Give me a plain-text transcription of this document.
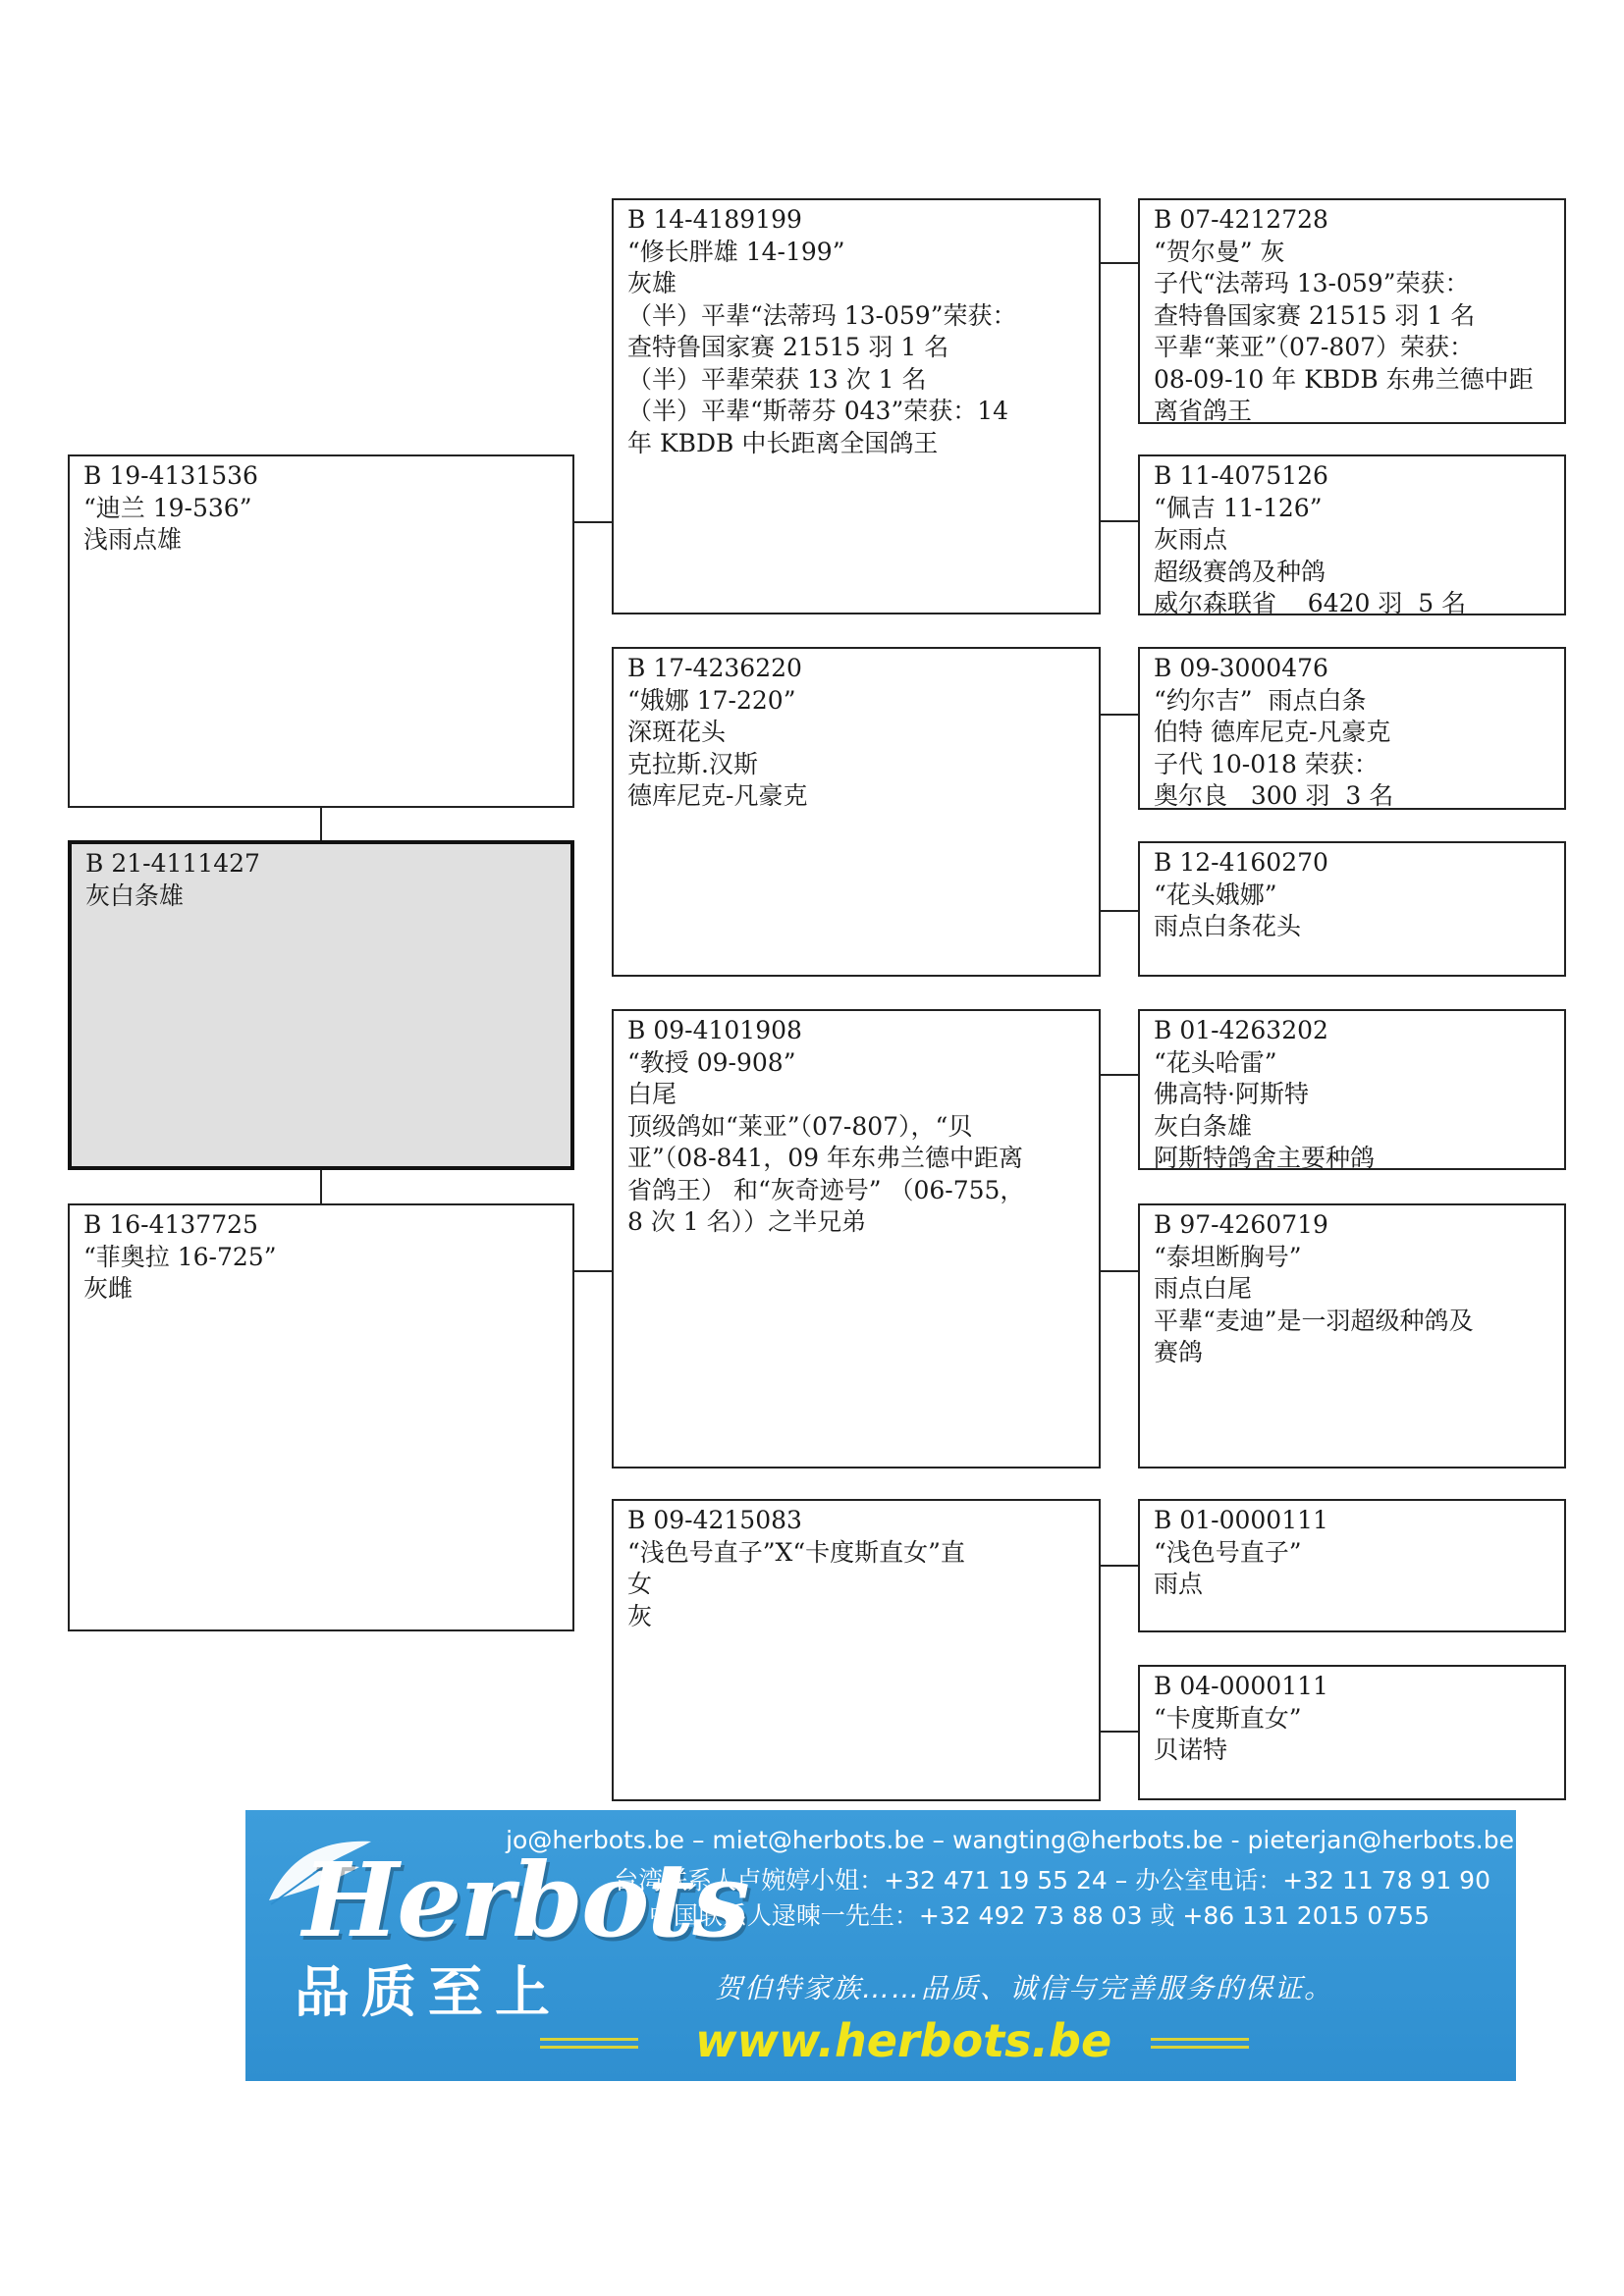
B 19-4131536
“迪兰 19-536”
浅雨点雄
B 21-4111427
灰白条雄
B 16-4137725
“菲奥拉 16-725”
灰雌
B 14-4189199
“修长胖雄 14-199”
灰雄
（半）平辈“法蒂玛 13-059”荣获：
查特鲁国家赛 21515 羽 1 名
（半）平辈荣获 13 次 1 名
（半）平辈“斯蒂芬 043”荣获：14
年 KBDB 中长距离全国鸽王
B 17-4236220
“娥娜 17-220”
深斑花头
克拉斯.汉斯
德库尼克-凡豪克
B 09-4101908
“教授 09-908”
白尾
顶级鸽如“莱亚”（07-807），“贝
亚”（08-841，09 年东弗兰德中距离
省鸽王） 和“灰奇迹号” （06-755，
8 次 1 名））之半兄弟
B 09-4215083
“浅色号直子”X“卡度斯直女”直
女
灰
B 07-4212728
“贺尔曼” 灰
子代“法蒂玛 13-059”荣获：
查特鲁国家赛 21515 羽 1 名
平辈“莱亚”（07-807）荣获：
08-09-10 年 KBDB 东弗兰德中距
离省鸽王
B 11-4075126
“佩吉 11-126”
灰雨点
超级赛鸽及种鸽
威尔森联省    6420 羽  5 名
B 09-3000476
“约尔吉”  雨点白条
伯特 德库尼克-凡豪克
子代 10-018 荣获：
奥尔良   300 羽  3 名
B 12-4160270
“花头娥娜”
雨点白条花头
B 01-4263202
“花头哈雷”
佛高特·阿斯特
灰白条雄
阿斯特鸽舍主要种鸽
B 97-4260719
“泰坦断胸号”
雨点白尾
平辈“麦迪”是一羽超级种鸽及
赛鸽
B 01-0000111
“浅色号直子”
雨点
B 04-0000111
“卡度斯直女”
贝诺特
Herbots
品质至上
jo@herbots.be – miet@herbots.be – wangting@herbots.be - pieterjan@herbots.be
台湾联系人卢婉婷小姐：+32 471 19 55 24 – 办公室电话：+32 11 78 91 90
中国联系人逯暕一先生：+32 492 73 88 03 或 +86 131 2015 0755
贺伯特家族……品质、诚信与完善服务的保证。
www.herbots.be
